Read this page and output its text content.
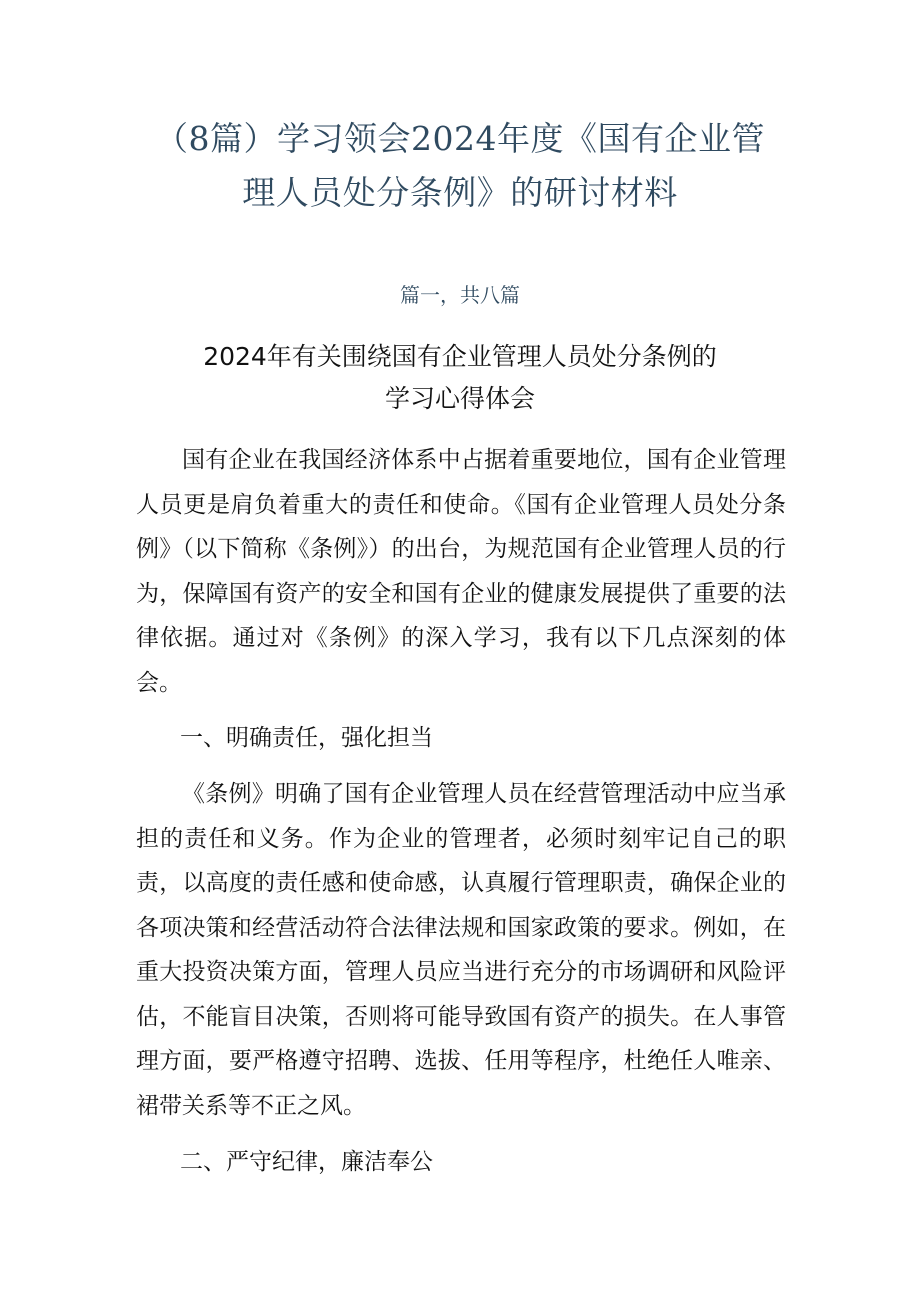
（8篇）学习领会2024年度《国有企业管
理人员处分条例》的研讨材料
篇一，共八篇
2024年有关围绕国有企业管理人员处分条例的
学习心得体会

国有企业在我国经济体系中占据着重要地位，国有企业管理人员更是肩负着重大的责任和使命。《国有企业管理人员处分条例》（以下简称《条例》）的出台，为规范国有企业管理人员的行为，保障国有资产的安全和国有企业的健康发展提供了重要的法律依据。通过对《条例》的深入学习，我有以下几点深刻的体会。

一、明确责任，强化担当

《条例》明确了国有企业管理人员在经营管理活动中应当承担的责任和义务。作为企业的管理者，必须时刻牢记自己的职责，以高度的责任感和使命感，认真履行管理职责，确保企业的各项决策和经营活动符合法律法规和国家政策的要求。例如，在重大投资决策方面，管理人员应当进行充分的市场调研和风险评估，不能盲目决策，否则将可能导致国有资产的损失。在人事管理方面，要严格遵守招聘、选拔、任用等程序，杜绝任人唯亲、裙带关系等不正之风。

二、严守纪律，廉洁奉公
